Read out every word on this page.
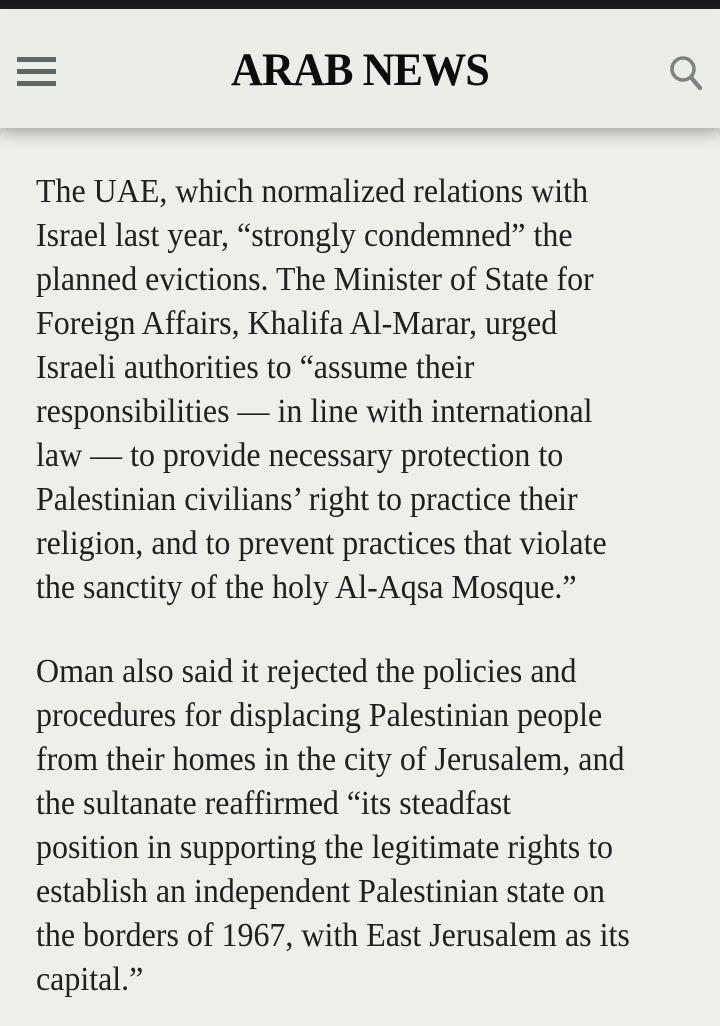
ARAB NEWS
The UAE, which normalized relations with
Israel last year, “strongly condemned” the
planned evictions. The Minister of State for
Foreign Affairs, Khalifa Al-Marar, urged
Israeli authorities to “assume their
responsibilities — in line with international
law — to provide necessary protection to
Palestinian civilians’ right to practice their
religion, and to prevent practices that violate
the sanctity of the holy Al-Aqsa Mosque.”
Oman also said it rejected the policies and
procedures for displacing Palestinian people
from their homes in the city of Jerusalem, and
the sultanate reaffirmed “its steadfast
position in supporting the legitimate rights to
establish an independent Palestinian state on
the borders of 1967, with East Jerusalem as its
capital.”
